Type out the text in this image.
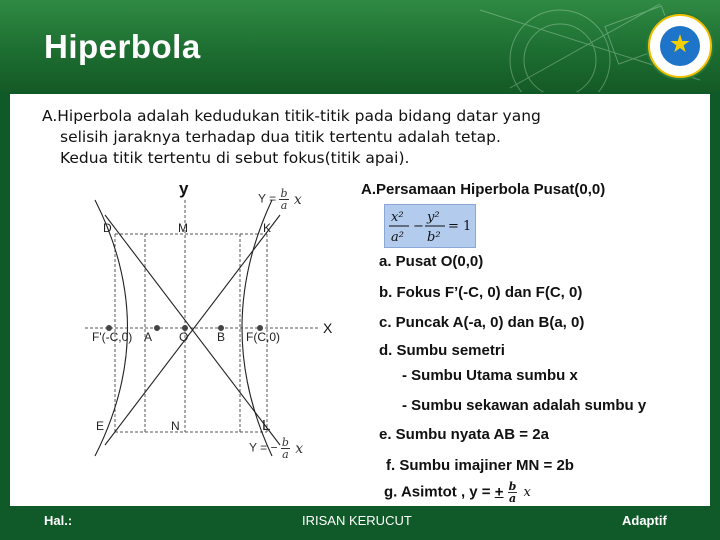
Hiperbola
A.Hiperbola adalah kedudukan titik-titik pada bidang datar yang
selisih jaraknya terhadap dua titik tertentu adalah tetap.
Kedua titik tertentu di sebut fokus(titik apai).
y
X
D	M	K
F'(-C,0) A O B F(C,0)
E	N	L
$Y = \frac{b}{a}$ x
Y = − $\frac{b}{a}$ x
A.Persamaan Hiperbola Pusat(0,0)
x²
a²
−
y²
b²
= 1
a. Pusat O(0,0)
b. Fokus F’(-C, 0) dan F(C, 0)
c. Puncak A(-a, 0) dan B(a, 0)
d. Sumbu semetri
- Sumbu Utama sumbu x
- Sumbu sekawan adalah sumbu y
e. Sumbu nyata AB = 2a
f. Sumbu imajiner MN = 2b
g. Asimtot , y = + $\frac{b}{a}$ x
Hal.:	IRISAN KERUCUT	Adaptif
